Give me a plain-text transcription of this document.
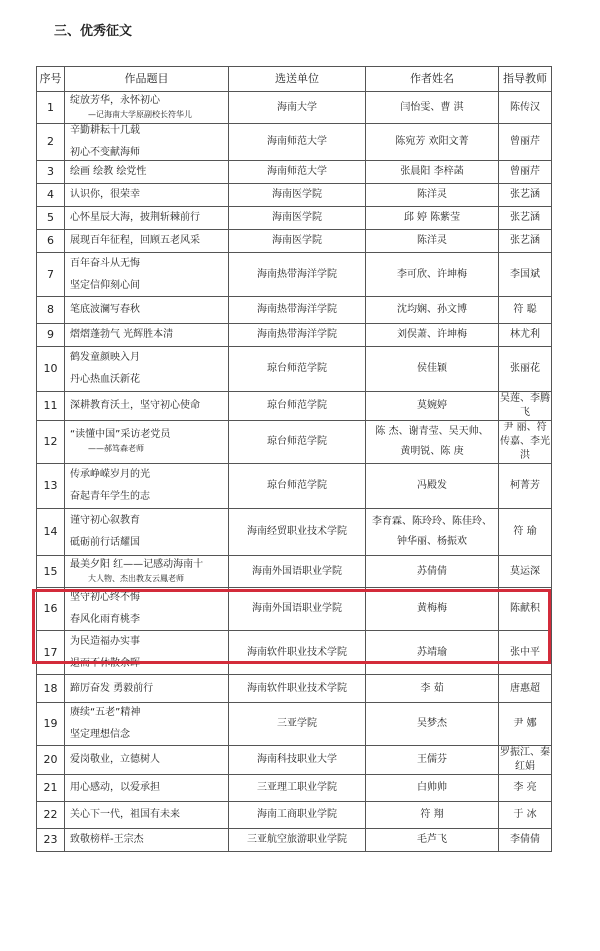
三、优秀征文
序号	作品题目	选送单位	作者姓名	指导教师
1	绽放芳华，永怀初心
—记海南大学原副校长符华儿	海南大学	闫怡雯、曹 淇	陈传汉
2	辛勤耕耘十几载
初心不变献海师	海南师范大学	陈宛芳 欢阳文菁	曾丽芹
3	绘画 绘教 绘党性	海南师范大学	张晨阳 李梓菡	曾丽芹
4	认识你，很荣幸	海南医学院	陈洋灵	张艺涵
5	心怀星辰大海，披荆斩棘前行	海南医学院	邱 婷 陈紫莹	张艺涵
6	展现百年征程，回顾五老风采	海南医学院	陈洋灵	张艺涵
7	百年奋斗从无悔
坚定信仰刻心间	海南热带海洋学院	李可欣、许坤梅	李国斌
8	笔底波澜写春秋	海南热带海洋学院	沈均娴、孙文博	符 聪
9	熠熠蓬勃气 光辉胜本清	海南热带海洋学院	刘俣萧、许坤梅	林尤利
10	鹤发童颜映入月
丹心热血沃新花	琼台师范学院	侯佳颖	张丽花
11	深耕教育沃土，坚守初心使命	琼台师范学院	莫婉婷	吴莲、李腾飞
12	“读懂中国”采访老党员
——郝笃森老师	琼台师范学院	陈 杰、谢青莹、吴天帅、
黄明锐、陈 庚	尹 丽、符传嘉、李光洪
13	传承峥嵘岁月的光
奋起青年学生的志	琼台师范学院	冯殿发	柯菁芳
14	谨守初心叙教育
砥砺前行话耀国	海南经贸职业技术学院	李育霖、陈玲玲、陈佳玲、
钟华丽、杨振欢	符 瑜
15	最美夕阳 红——记感动海南十
大人物、杰出教友云鳳老师	海南外国语职业学院	苏倩倩	莫运深
16	坚守初心终不悔
春风化雨育桃李	海南外国语职业学院	黄梅梅	陈献积
17	为民造福办实事
退而不休散余晖	海南软件职业技术学院	苏靖瑜	张中平
18	蹄厉奋发 勇毅前行	海南软件职业技术学院	李 茹	唐惠超
19	赓续“五老”精神
坚定理想信念	三亚学院	吴梦杰	尹 娜
20	爱岗敬业，立德树人	海南科技职业大学	王儒芬	罗振江、秦红娟
21	用心感动，以爱承担	三亚理工职业学院	白帅帅	李 亮
22	关心下一代，祖国有未来	海南工商职业学院	符 翔	于 冰
23	致敬榜样-王宗杰	三亚航空旅游职业学院	毛芦飞	李倩倩
